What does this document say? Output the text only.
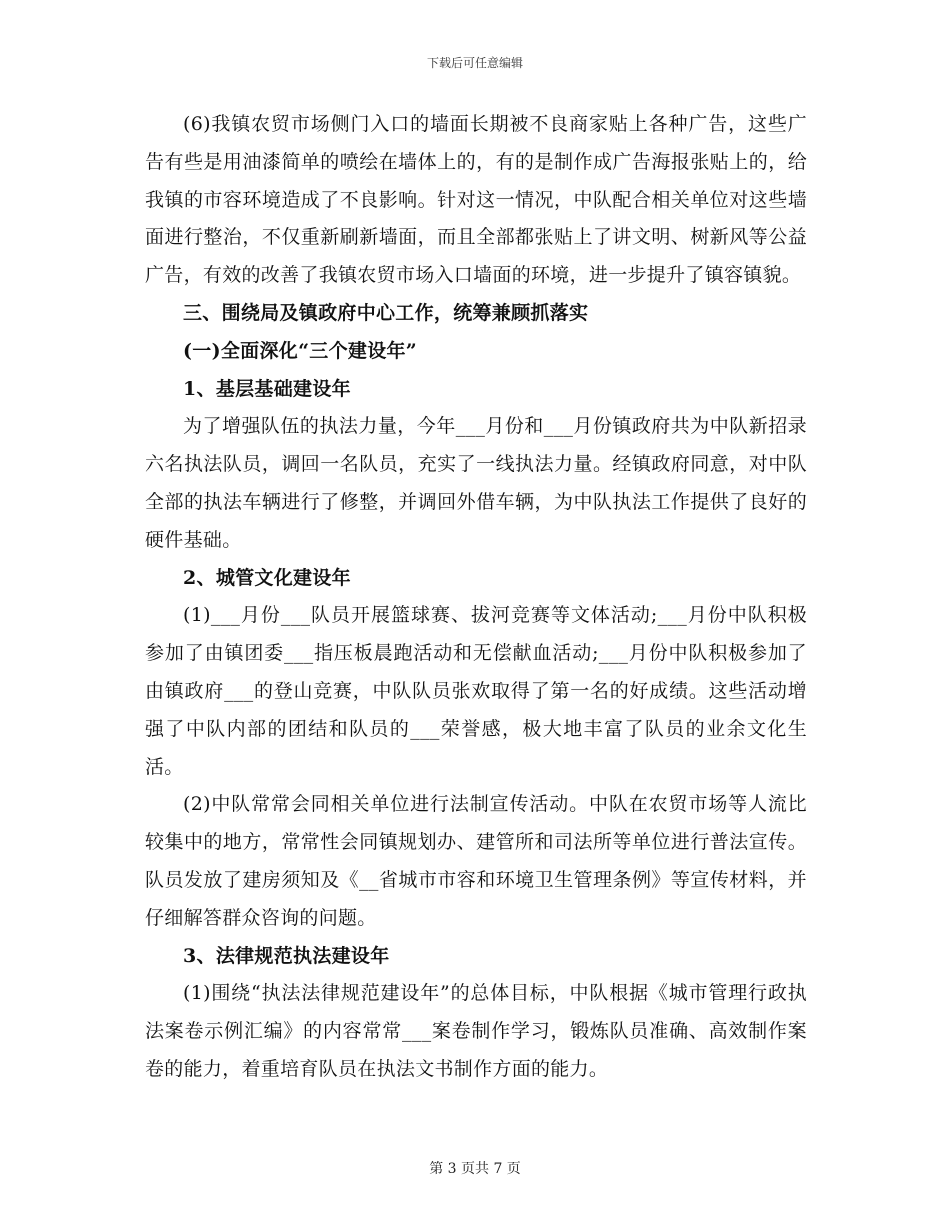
下载后可任意编辑

(6)我镇农贸市场侧门入口的墙面长期被不良商家贴上各种广告，这些广告有些是用油漆简单的喷绘在墙体上的，有的是制作成广告海报张贴上的，给我镇的市容环境造成了不良影响。针对这一情况，中队配合相关单位对这些墙面进行整治，不仅重新刷新墙面，而且全部都张贴上了讲文明、树新风等公益广告，有效的改善了我镇农贸市场入口墙面的环境，进一步提升了镇容镇貌。

三、围绕局及镇政府中心工作，统筹兼顾抓落实

(一)全面深化“三个建设年”

1、基层基础建设年

为了增强队伍的执法力量，今年___月份和___月份镇政府共为中队新招录六名执法队员，调回一名队员，充实了一线执法力量。经镇政府同意，对中队全部的执法车辆进行了修整，并调回外借车辆，为中队执法工作提供了良好的硬件基础。

2、城管文化建设年

(1)___月份___队员开展篮球赛、拔河竞赛等文体活动;___月份中队积极参加了由镇团委___指压板晨跑活动和无偿献血活动;___月份中队积极参加了由镇政府___的登山竞赛，中队队员张欢取得了第一名的好成绩。这些活动增强了中队内部的团结和队员的___荣誉感，极大地丰富了队员的业余文化生活。

(2)中队常常会同相关单位进行法制宣传活动。中队在农贸市场等人流比较集中的地方，常常性会同镇规划办、建管所和司法所等单位进行普法宣传。队员发放了建房须知及《__省城市市容和环境卫生管理条例》等宣传材料，并仔细解答群众咨询的问题。

3、法律规范执法建设年

(1)围绕“执法法律规范建设年”的总体目标，中队根据《城市管理行政执法案卷示例汇编》的内容常常___案卷制作学习，锻炼队员准确、高效制作案卷的能力，着重培育队员在执法文书制作方面的能力。

第 3 页共 7 页
